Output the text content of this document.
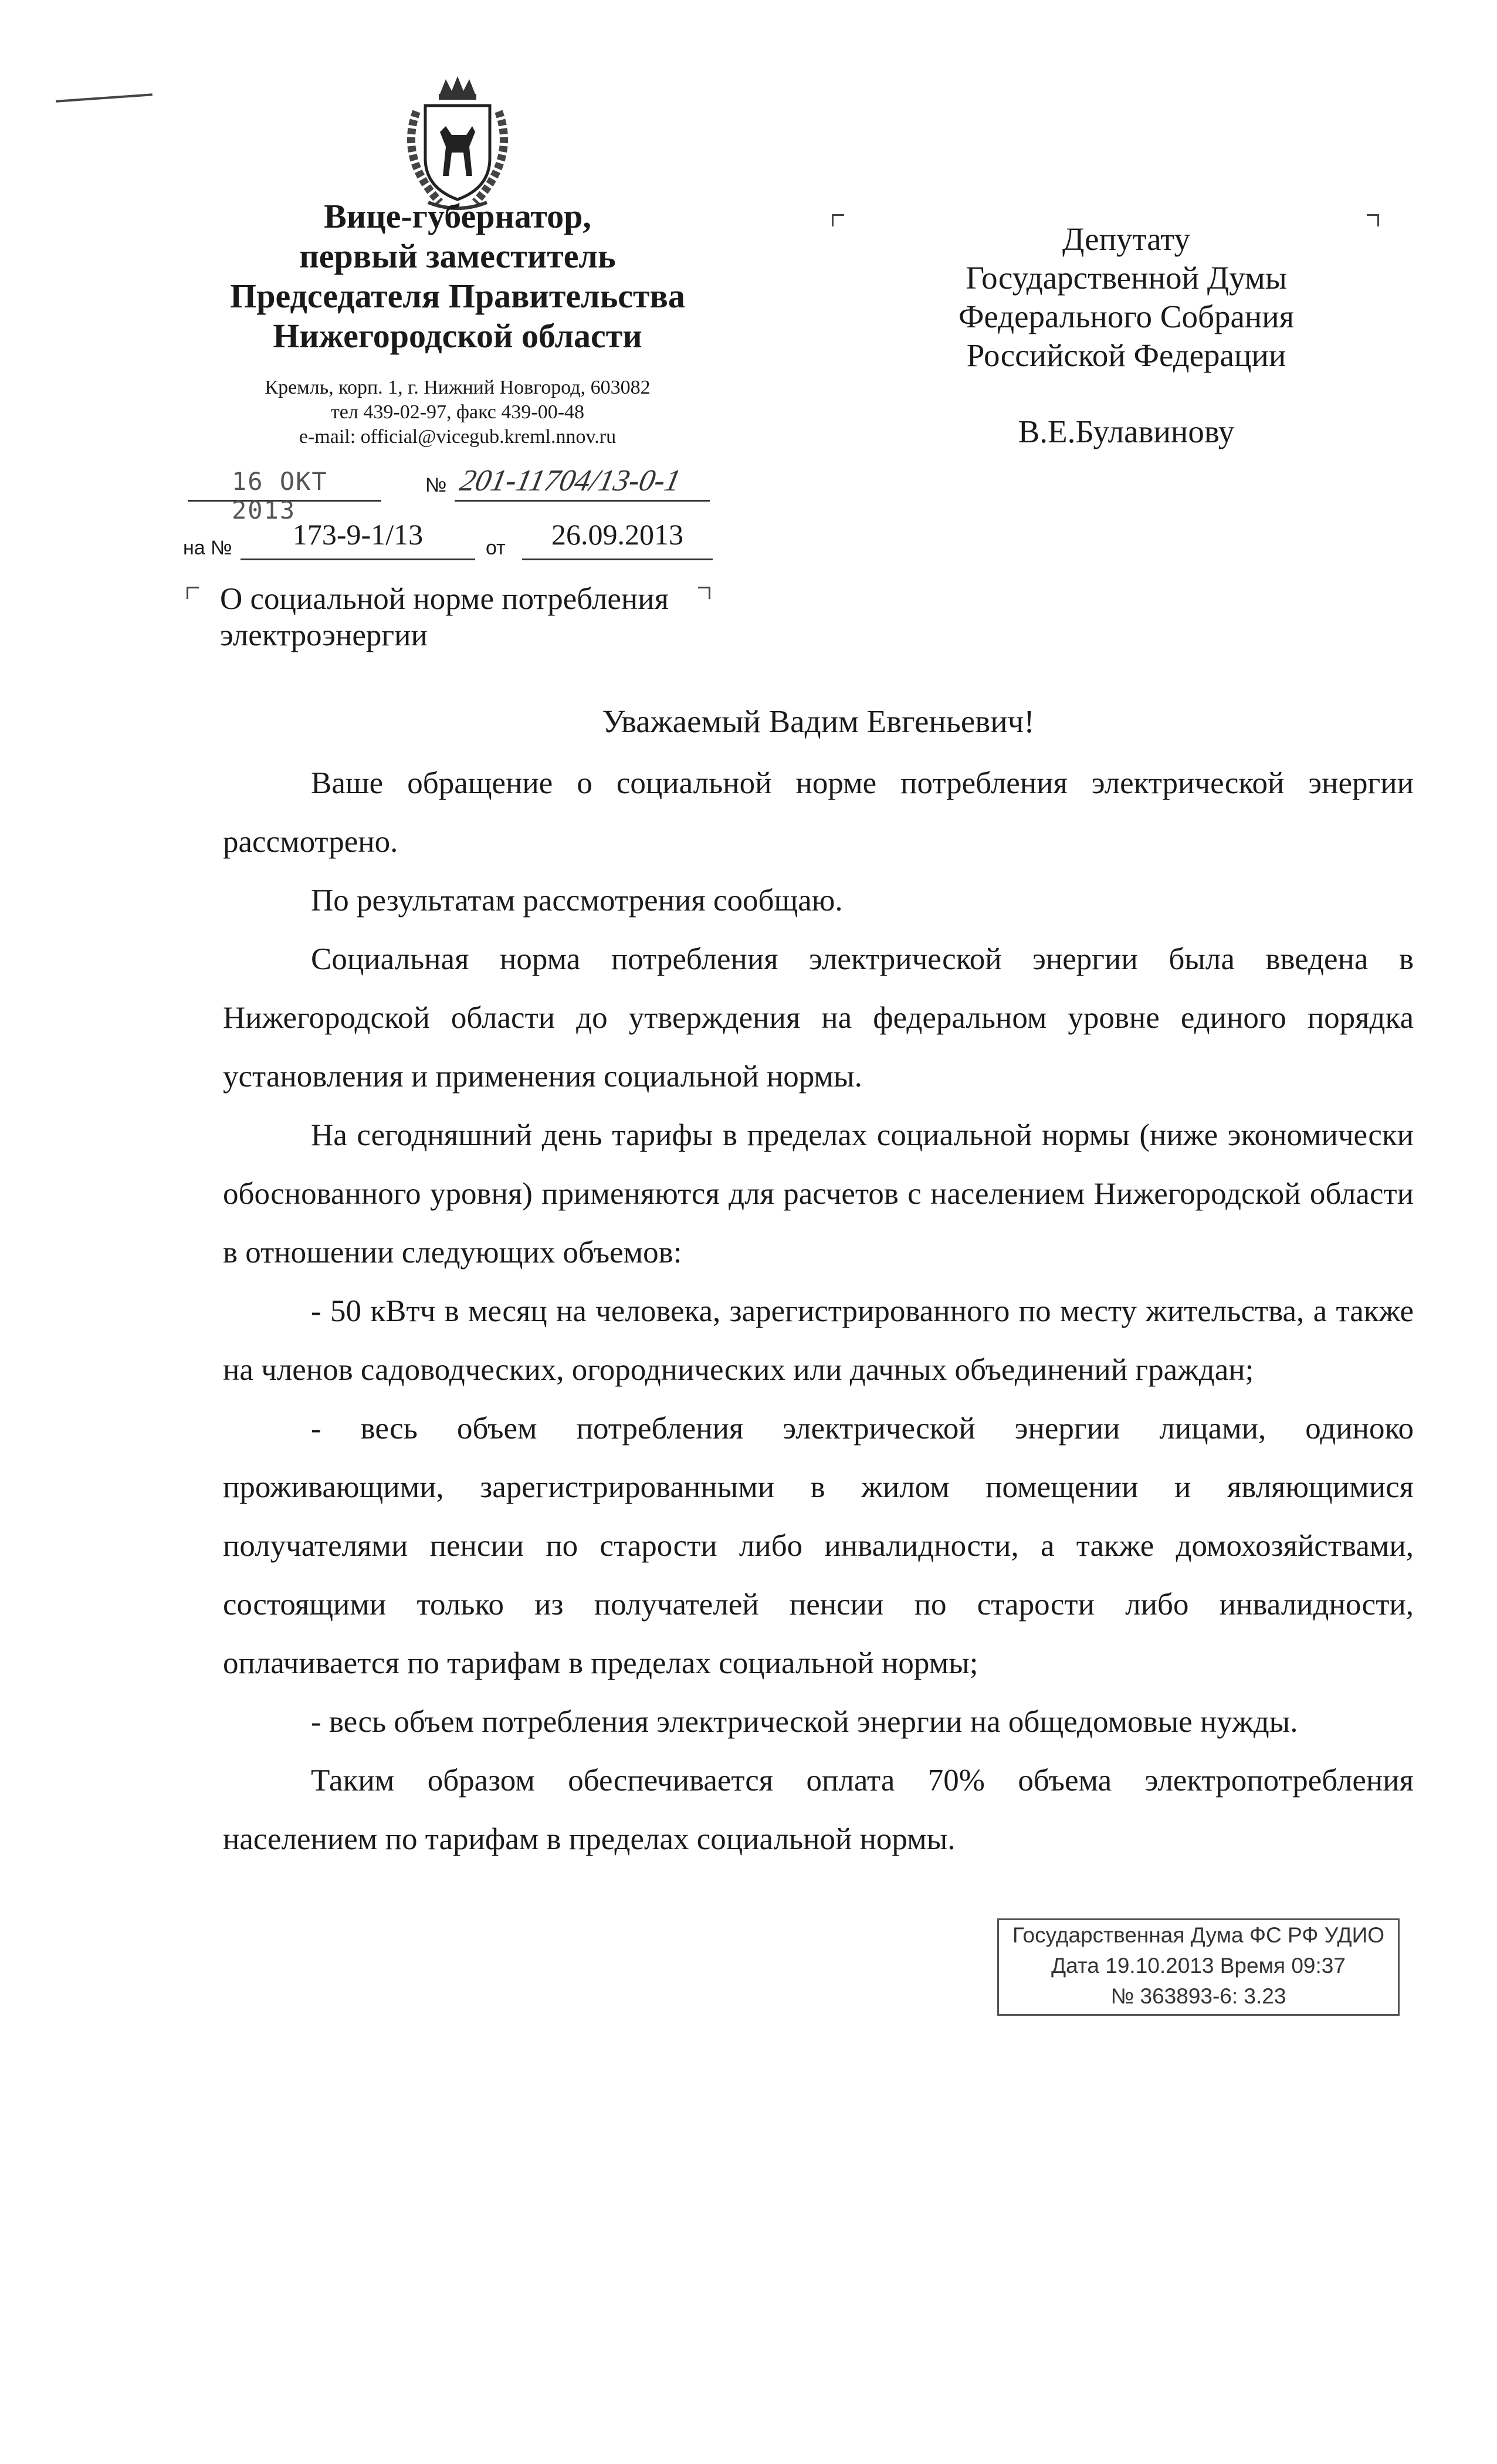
Вице-губернатор,
первый заместитель
Председателя Правительства
Нижегородской области
Кремль, корп. 1, г. Нижний Новгород, 603082
тел 439-02-97, факс 439-00-48
e-mail: official@vicegub.kreml.nnov.ru
16 ОКТ 2013
№ 201-11704/13-0-1
на №	173-9-1/13	от	26.09.2013
О социальной норме потребления
электроэнергии
Депутату
Государственной Думы
Федерального Собрания
Российской Федерации
В.Е.Булавинову
Уважаемый Вадим Евгеньевич!

Ваше обращение о социальной норме потребления электрической энергии рассмотрено.

По результатам рассмотрения сообщаю.

Социальная норма потребления электрической энергии была введена в Нижегородской области до утверждения на федеральном уровне единого порядка установления и применения социальной нормы.

На сегодняшний день тарифы в пределах социальной нормы (ниже экономически обоснованного уровня) применяются для расчетов с населением Нижегородской области в отношении следующих объемов:

- 50 кВтч в месяц на человека, зарегистрированного по месту жительства, а также на членов садоводческих, огороднических или дачных объединений граждан;

- весь объем потребления электрической энергии лицами, одиноко проживающими, зарегистрированными в жилом помещении и являющимися получателями пенсии по старости либо инвалидности, а также домохозяйствами, состоящими только из получателей пенсии по старости либо инвалидности, оплачивается по тарифам в пределах социальной нормы;

- весь объем потребления электрической энергии на общедомовые нужды.

Таким образом обеспечивается оплата 70% объема электропотребления населением по тарифам в пределах социальной нормы.

Государственная Дума ФС РФ УДИО
Дата 19.10.2013 Время 09:37
№ 363893-6: 3.23
